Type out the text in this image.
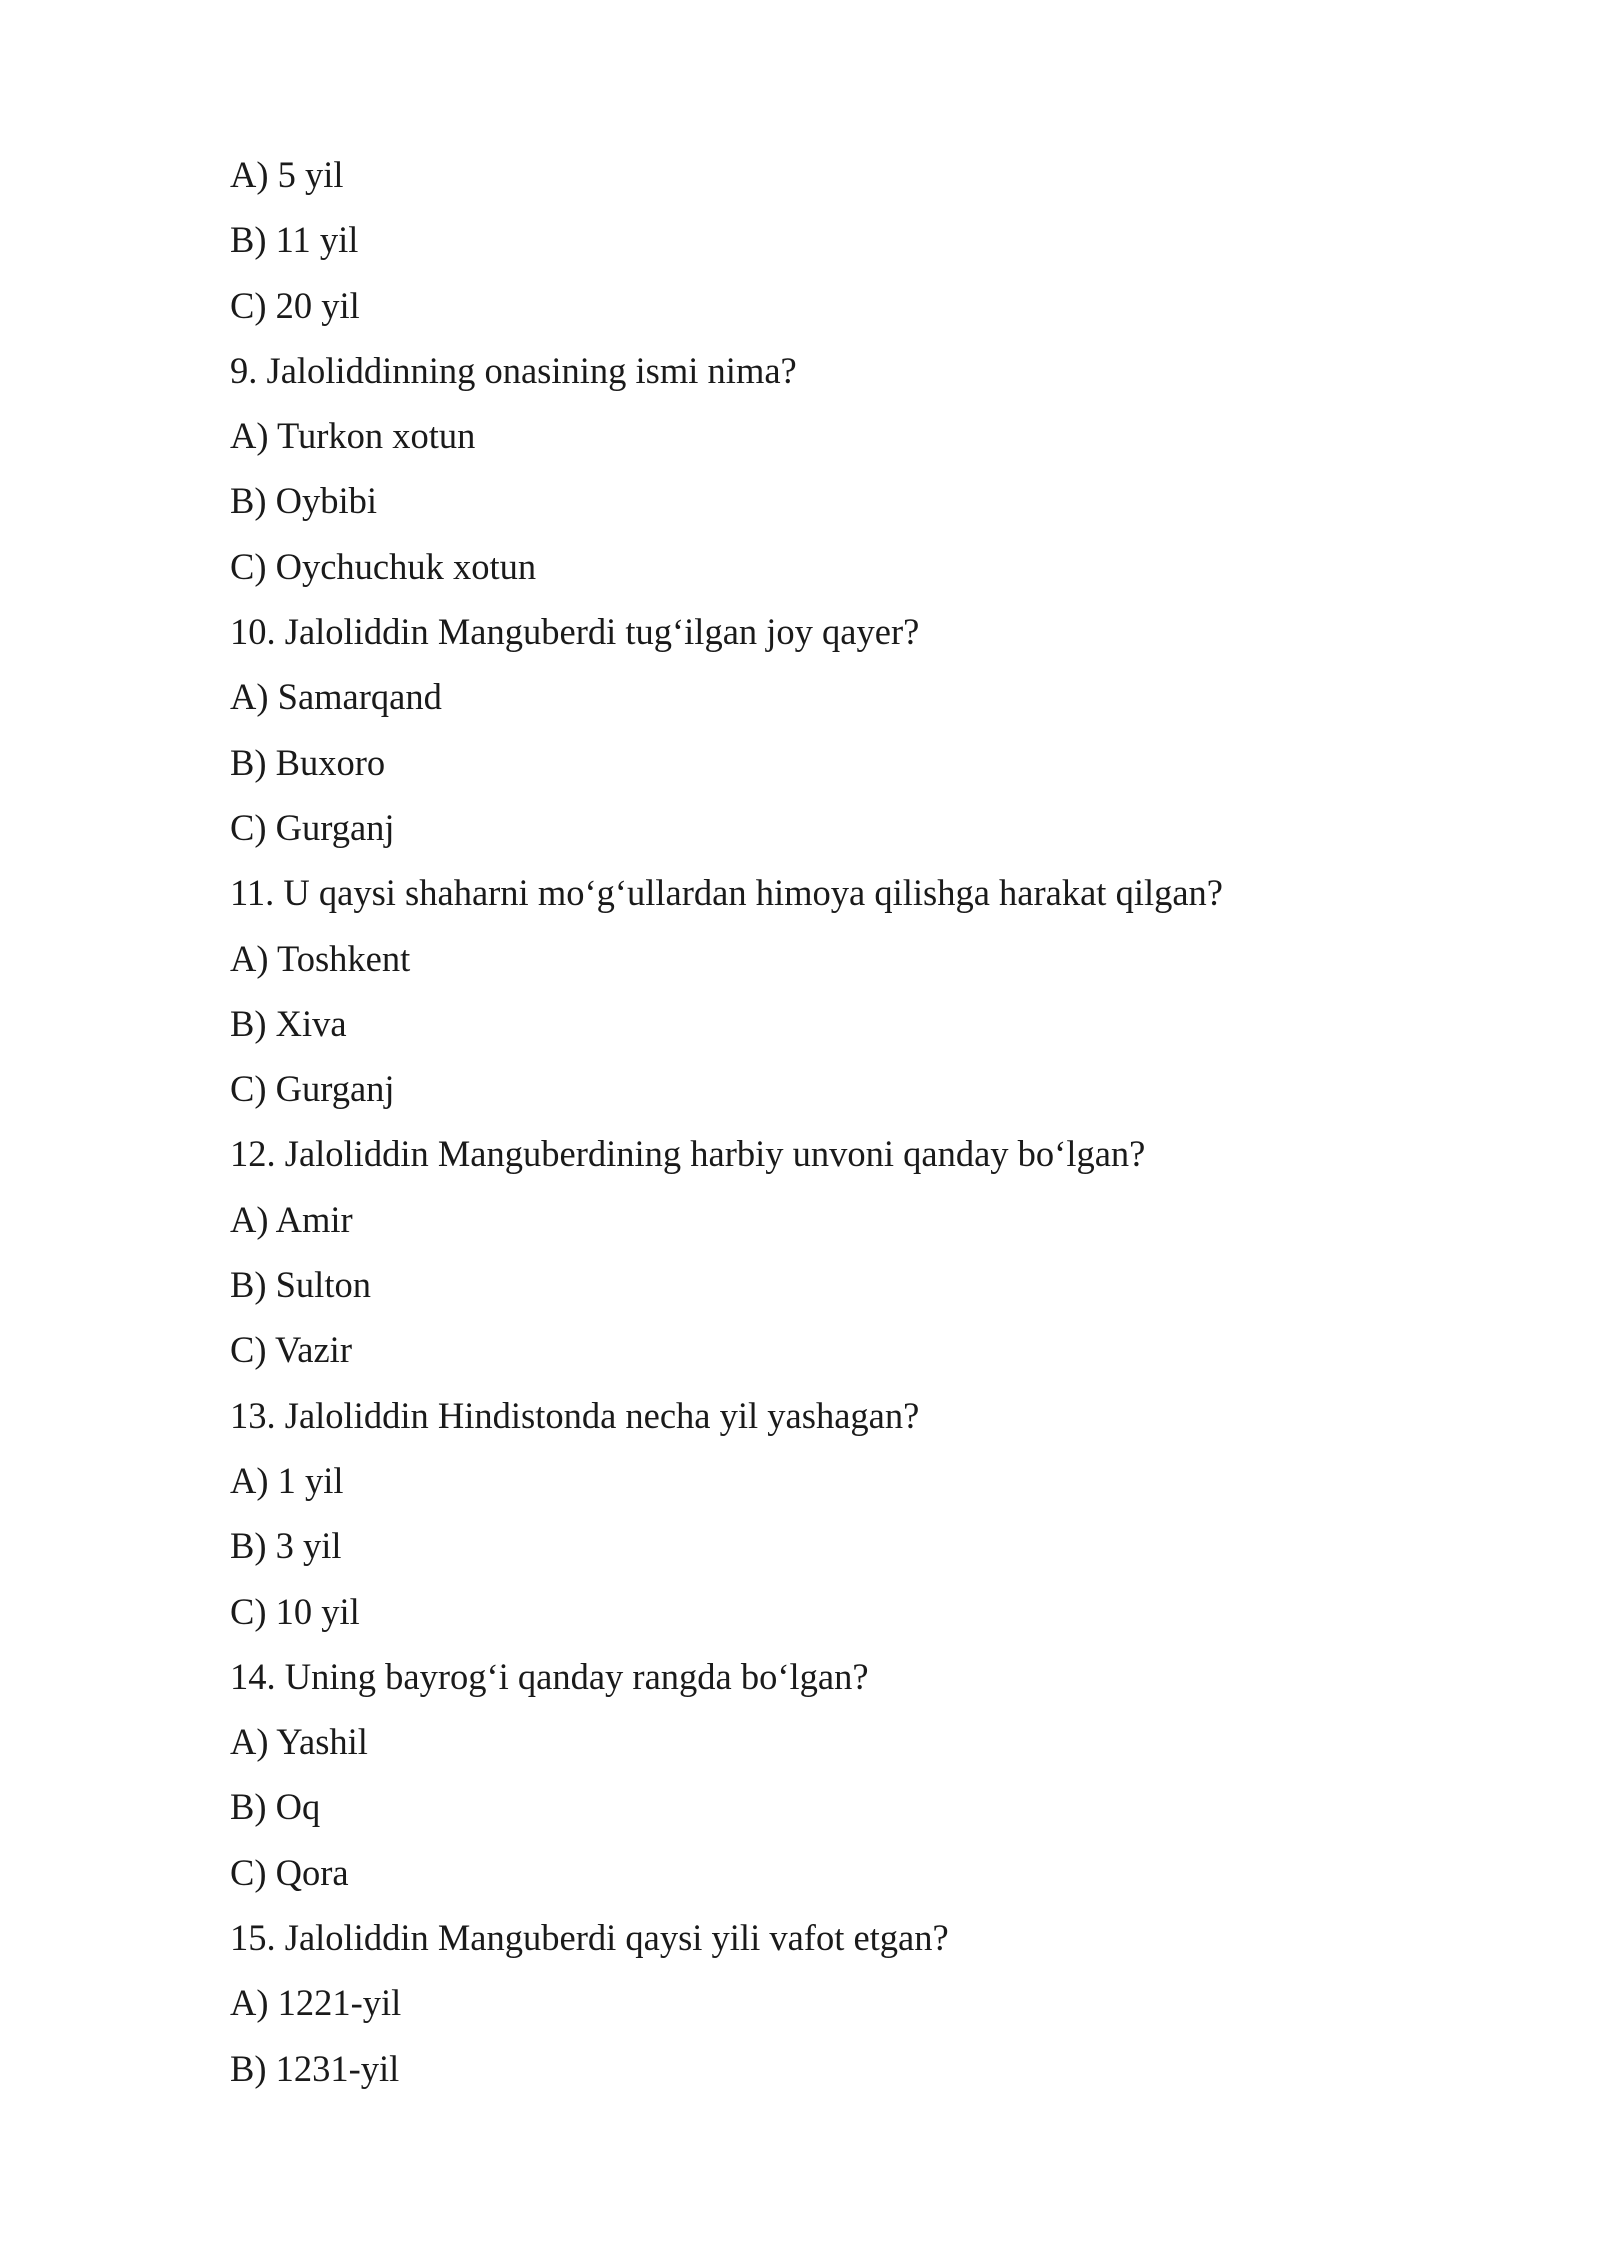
A) 5 yil
B) 11 yil
C) 20 yil
9. Jaloliddinning onasining ismi nima?
A) Turkon xotun
B) Oybibi
C) Oychuchuk xotun
10. Jaloliddin Manguberdi tug‘ilgan joy qayer?
A) Samarqand
B) Buxoro
C) Gurganj
11. U qaysi shaharni mo‘g‘ullardan himoya qilishga harakat qilgan?
A) Toshkent
B) Xiva
C) Gurganj
12. Jaloliddin Manguberdining harbiy unvoni qanday bo‘lgan?
A) Amir
B) Sulton
C) Vazir
13. Jaloliddin Hindistonda necha yil yashagan?
A) 1 yil
B) 3 yil
C) 10 yil
14. Uning bayrog‘i qanday rangda bo‘lgan?
A) Yashil
B) Oq
C) Qora
15. Jaloliddin Manguberdi qaysi yili vafot etgan?
A) 1221-yil
B) 1231-yil
